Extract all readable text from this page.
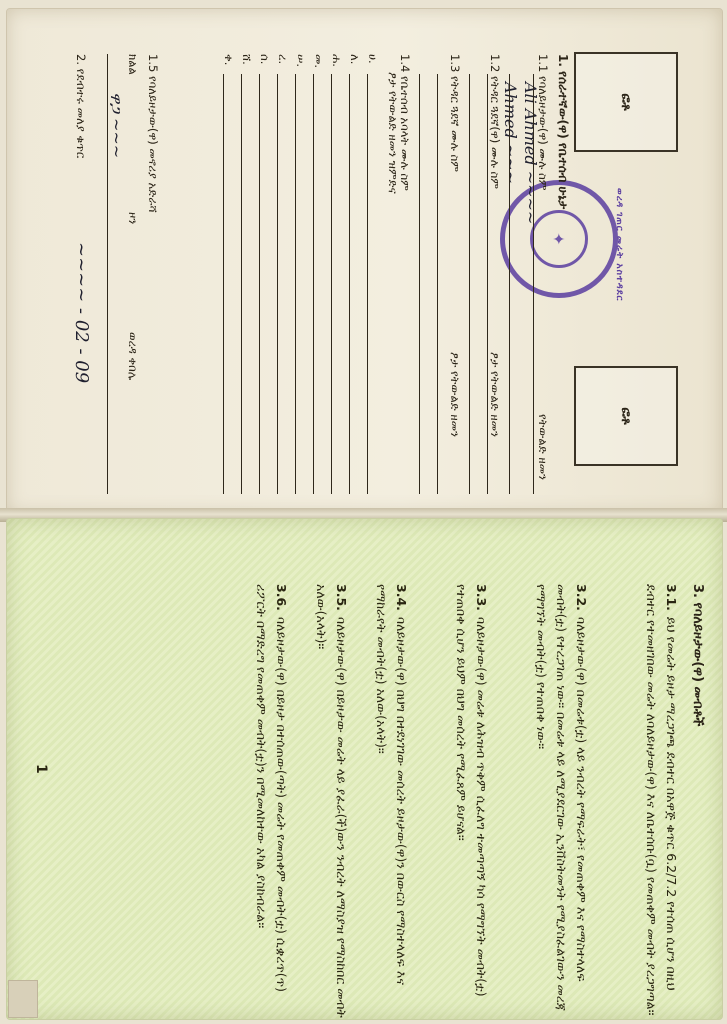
ፎቶ
ፎቶ
✦	ወረዳ ገጠር መሬት አስተዳደር
1. የሰራተኛው(ዋ) የቤተሰብ ሁኔታ
1.1 የባለይዞታው(ዋ) ሙሉ ስም
የትውልድ ዘመን
Ali Ahmed ~~~~
Ahmed ~~~
1.2 የትዳር ጓደኛ(ዋ) ሙሉ ስም
ፆታ የትውልድ ዘመን
1.3 የትዳር ጓደኛ ሙሉ ስም
ፆታ የትውልድ ዘመን
1.4 የቤተሰብ አባላት ሙሉ ስም
ፆታ የትውልድ ዘመን ዝምድና
ሀ.
ለ.
ሐ.
መ.
ሠ.
ረ.
ሰ.
ሸ.
ቀ.
1.5 የባለይዞታው(ዋ) መኖሪያ አድራሻ
ክልል
ዞን
ወረዳ ቀበሌ
ዋጋ ~~~
2. የደብተሩ መለያ ቁጥር
~~~~ - 02 - 09
3. የባለይዞታው(ዋ) መብቶች
3.1.ይህ የመሬት ይዞታ ማረጋገጫ ደብተር በአዋጅ ቁጥር 6.2/7.2 የተሰጠ ሲሆን በዚህ ደብተር የተመዘገበው መሬት ለባለይዞታው(ዋ) እና ለቤተሰቡ(ቧ) የመጠቀም መብት ያረጋግጣል።
3.2.ባለይዞታው(ዋ) በመሬቱ(ቷ) ላይ ንብረት የማፍራት፣ የመጠቀም እና የማስተላለፍ መብት(ቷ) የተረጋገጠ ነው። በመሬቱ ላይ ለሚያደርገው ኢንቨስትመንት የሚያስፈልገውን መረጃ የማግኘት መብት(ቷ) የተጠበቀ ነው።
3.3.ባለይዞታው(ዋ) መሬቱ ለሕዝብ ጥቅም ሲፈለግ ተመጣጣኝ ካሳ የማግኘት መብት(ቷ) የተጠበቀ ሲሆን ይህም በህግ መሰረት የሚፈጸም ይሆናል።
3.4.ባለይዞታው(ዋ) በህግ በተደነገገው መሰረት ይዞታው(ዋ)ን በውርስ የማስተላለፍ እና የማከራየት መብት(ቷ) አለው(አላት)።
3.5.ባለይዞታው(ዋ) በይዞታው መሬት ላይ ያፈራ(ች)ውን ንብረት ለማስያዝ የማስከበር መብት አለው(አላት)።
3.6.ባለይዞታው(ዋ) በይዞታ በተሰጠው(ጣት) መሬት የመጠቀም መብት(ቷ) ሲቋረጥ(ጥ) ሪፖርት በማድረግ የመጠቀም መብት(ቷ)ን በሚመለከተው አካል ያስከብራል።
1
